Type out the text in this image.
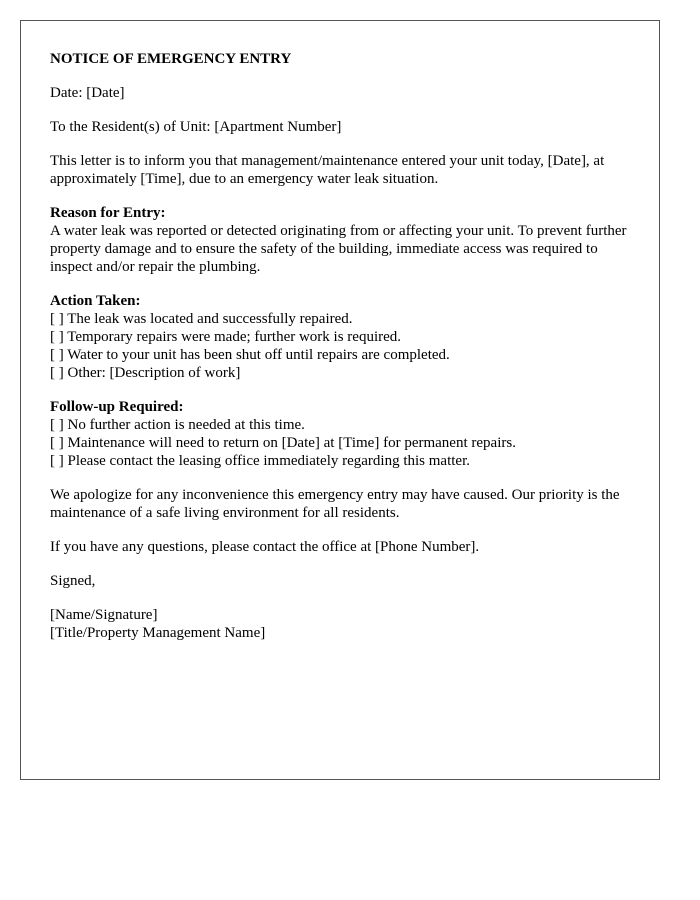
NOTICE OF EMERGENCY ENTRY
Date: [Date]
To the Resident(s) of Unit: [Apartment Number]
This letter is to inform you that management/maintenance entered your unit today, [Date], at approximately [Time], due to an emergency water leak situation.
Reason for Entry:
A water leak was reported or detected originating from or affecting your unit. To prevent further property damage and to ensure the safety of the building, immediate access was required to inspect and/or repair the plumbing.
Action Taken:
[ ] The leak was located and successfully repaired.
[ ] Temporary repairs were made; further work is required.
[ ] Water to your unit has been shut off until repairs are completed.
[ ] Other: [Description of work]
Follow-up Required:
[ ] No further action is needed at this time.
[ ] Maintenance will need to return on [Date] at [Time] for permanent repairs.
[ ] Please contact the leasing office immediately regarding this matter.
We apologize for any inconvenience this emergency entry may have caused. Our priority is the maintenance of a safe living environment for all residents.
If you have any questions, please contact the office at [Phone Number].
Signed,
[Name/Signature]
[Title/Property Management Name]
